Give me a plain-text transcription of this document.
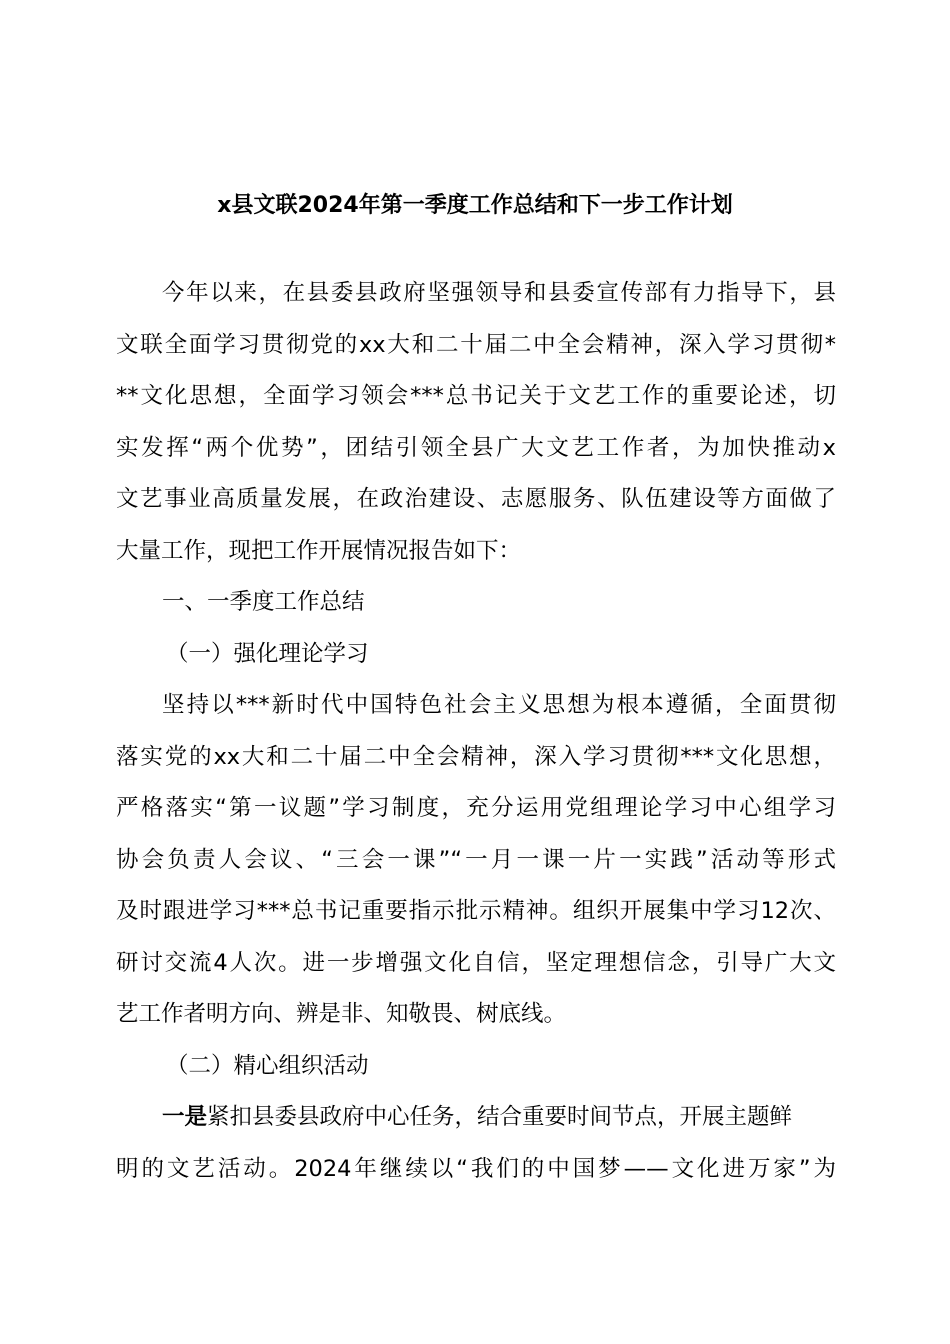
x县文联2024年第一季度工作总结和下一步工作计划
今年以来，在县委县政府坚强领导和县委宣传部有力指导下，县
文联全面学习贯彻党的xx大和二十届二中全会精神，深入学习贯彻*
**文化思想，全面学习领会***总书记关于文艺工作的重要论述，切
实发挥“两个优势”，团结引领全县广大文艺工作者，为加快推动x
文艺事业高质量发展，在政治建设、志愿服务、队伍建设等方面做了
大量工作，现把工作开展情况报告如下：
一、一季度工作总结
（一）强化理论学习
坚持以***新时代中国特色社会主义思想为根本遵循，全面贯彻
落实党的xx大和二十届二中全会精神，深入学习贯彻***文化思想，
严格落实“第一议题”学习制度，充分运用党组理论学习中心组学习
协会负责人会议、“三会一课”“一月一课一片一实践”活动等形式
及时跟进学习***总书记重要指示批示精神。组织开展集中学习12次、
研讨交流4人次。进一步增强文化自信，坚定理想信念，引导广大文
艺工作者明方向、辨是非、知敬畏、树底线。
（二）精心组织活动
一是紧扣县委县政府中心任务，结合重要时间节点，开展主题鲜
明的文艺活动。2024年继续以“我们的中国梦——文化进万家”为
